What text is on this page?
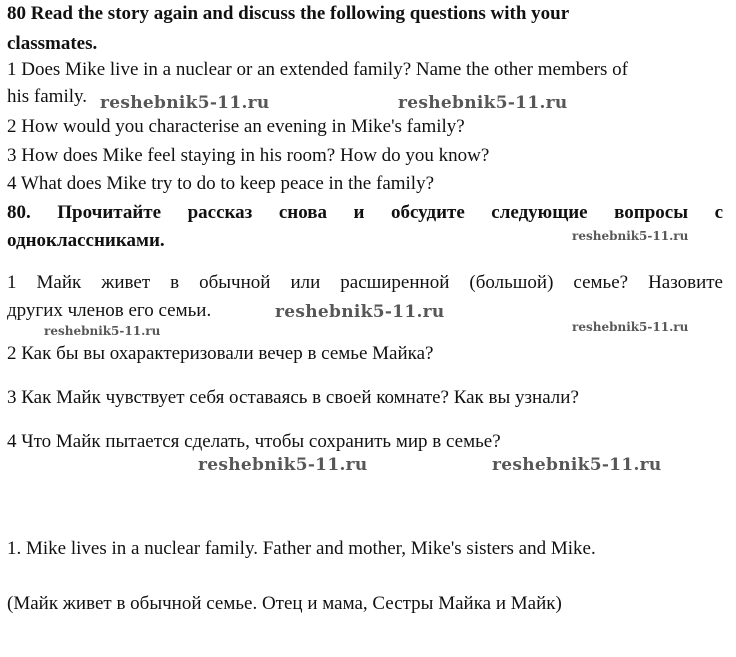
80 Read the story again and discuss the following questions with your
classmates.
1 Does Mike live in a nuclear or an extended family? Name the other members of
his family.
2 How would you characterise an evening in Mike's family?
3 How does Mike feel staying in his room? How do you know?
4 What does Mike try to do to keep peace in the family?
80. Прочитайте рассказ снова и обсудите следующие вопросы с
одноклассниками.
1 Майк живет в обычной или расширенной (большой) семье? Назовите
других членов его семьи.
2 Как бы вы охарактеризовали вечер в семье Майка?
3 Как Майк чувствует себя оставаясь в своей комнате? Как вы узнали?
4 Что Майк пытается сделать, чтобы сохранить мир в семье?
1. Mike lives in a nuclear family. Father and mother, Mike's sisters and Mike.
(Майк живет в обычной семье. Отец и мама, Сестры Майка и Майк)
reshebnik5-11.ru	reshebnik5-11.ru
reshebnik5-11.ru
reshebnik5-11.ru
reshebnik5-11.ru	reshebnik5-11.ru
reshebnik5-11.ru	reshebnik5-11.ru
